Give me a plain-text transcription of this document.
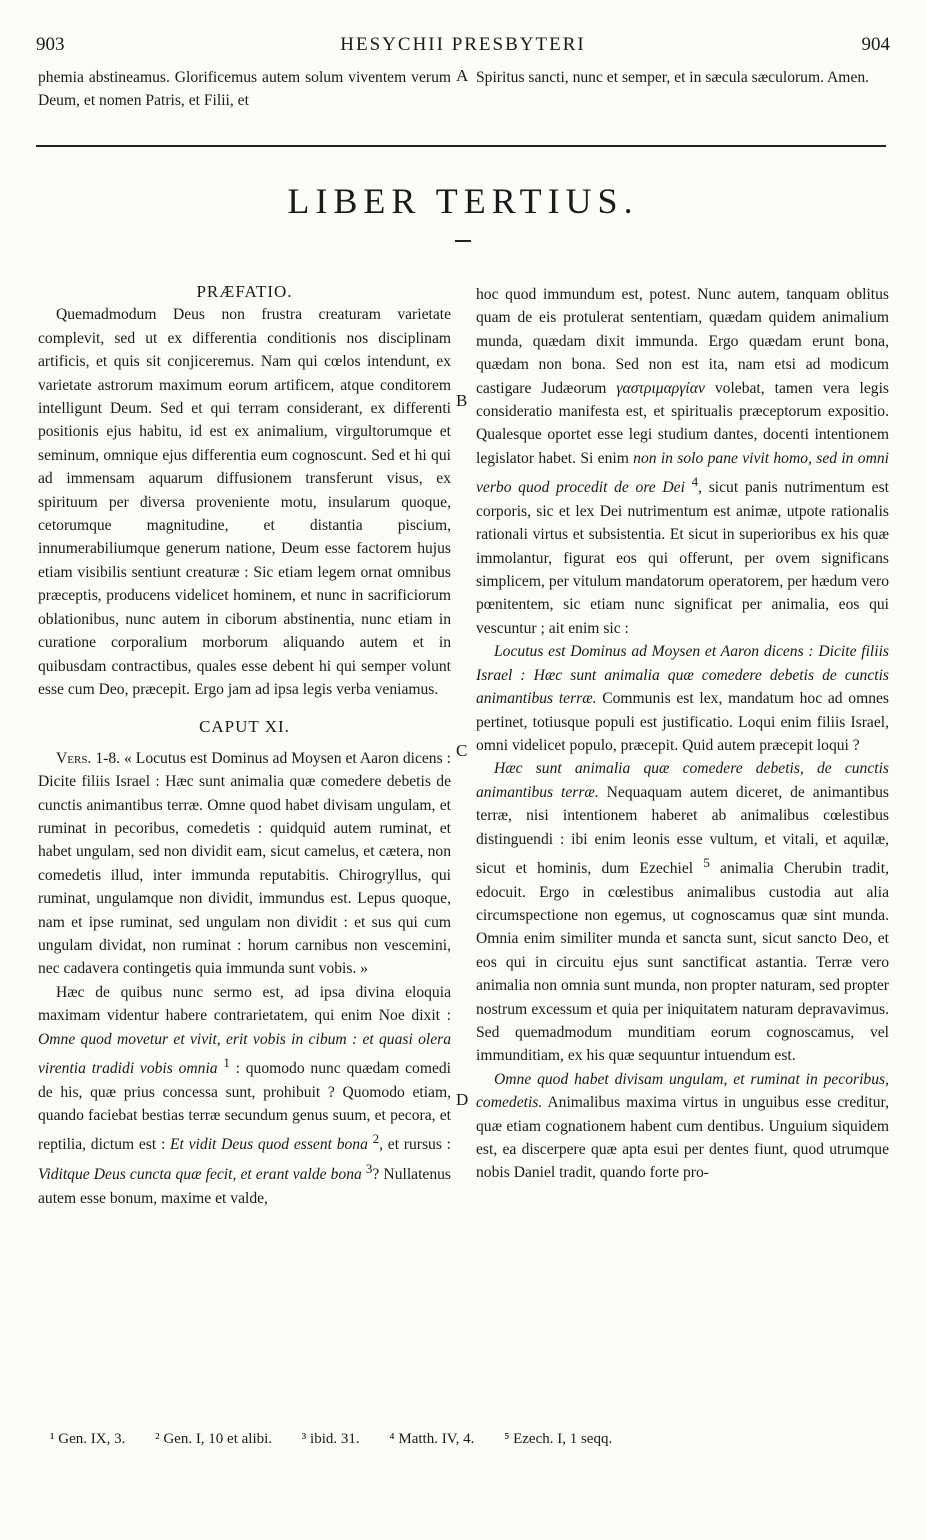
903	HESYCHII PRESBYTERI	904

phemia abstineamus. Glorificemus autem solum viventem verum Deum, et nomen Patris, et Filii, et

Spiritus sancti, nunc et semper, et in sæcula sæculorum. Amen.

A
LIBER TERTIUS.

PRÆFATIO.

Quemadmodum Deus non frustra creaturam varietate complevit, sed ut ex differentia conditionis nos disciplinam artificis, et quis sit conjiceremus. Nam qui cœlos intendunt, ex varietate astrorum maximum eorum artificem, atque conditorem intelligunt Deum. Sed et qui terram considerant, ex differenti positionis ejus habitu, id est ex animalium, virgultorumque et seminum, omnique ejus differentia eum cognoscunt. Sed et hi qui ad immensam aquarum diffusionem transferunt visus, ex spirituum per diversa proveniente motu, insularum quoque, cetorumque magnitudine, et distantia piscium, innumerabiliumque generum natione, Deum esse factorem hujus etiam visibilis sentiunt creaturæ : Sic etiam legem ornat omnibus præceptis, producens videlicet hominem, et nunc in sacrificiorum oblationibus, nunc autem in ciborum abstinentia, nunc etiam in curatione corporalium morborum aliquando autem et in quibusdam contractibus, quales esse debent hi qui semper volunt esse cum Deo, præcepit. Ergo jam ad ipsa legis verba veniamus.

CAPUT XI.

Vers. 1-8. « Locutus est Dominus ad Moysen et Aaron dicens : Dicite filiis Israel : Hæc sunt animalia quæ comedere debetis de cunctis animantibus terræ. Omne quod habet divisam ungulam, et ruminat in pecoribus, comedetis : quidquid autem ruminat, et habet ungulam, sed non dividit eam, sicut camelus, et cætera, non comedetis illud, inter immunda reputabitis. Chirogryllus, qui ruminat, ungulamque non dividit, immundus est. Lepus quoque, nam et ipse ruminat, sed ungulam non dividit : et sus qui cum ungulam dividat, non ruminat : horum carnibus non vescemini, nec cadavera contingetis quia immunda sunt vobis. »

Hæc de quibus nunc sermo est, ad ipsa divina eloquia maximam videntur habere contrarietatem, qui enim Noe dixit : Omne quod movetur et vivit, erit vobis in cibum : et quasi olera virentia tradidi vobis omnia $^1$ : quomodo nunc quædam comedi de his, quæ prius concessa sunt, prohibuit ? Quomodo etiam, quando faciebat bestias terræ secundum genus suum, et pecora, et reptilia, dictum est : Et vidit Deus quod essent bona $^2$, et rursus : Viditque Deus cuncta quæ fecit, et erant valde bona $^3$? Nullatenus autem esse bonum, maxime et valde,

hoc quod immundum est, potest. Nunc autem, tanquam oblitus quam de eis protulerat sententiam, quædam quidem animalium munda, quædam dixit immunda. Ergo quædam erunt bona, quædam non bona. Sed non est ita, nam etsi ad modicum castigare Judæorum γαστριμαργίαν volebat, tamen vera legis consideratio manifesta est, et spiritualis præceptorum expositio. Qualesque oportet esse legi studium dantes, docenti intentionem legislator habet. Si enim non in solo pane vivit homo, sed in omni verbo quod procedit de ore Dei $^4$, sicut panis nutrimentum est corporis, sic et lex Dei nutrimentum est animæ, utpote rationalis rationali virtus et subsistentia. Et sicut in superioribus ex his quæ immolantur, figurat eos qui offerunt, per ovem significans simplicem, per vitulum mandatorum operatorem, per hædum vero pœnitentem, sic etiam nunc significat per animalia, eos qui vescuntur ; ait enim sic :

Locutus est Dominus ad Moysen et Aaron dicens : Dicite filiis Israel : Hæc sunt animalia quæ comedere debetis de cunctis animantibus terræ. Communis est lex, mandatum hoc ad omnes pertinet, totiusque populi est justificatio. Loqui enim filiis Israel, omni videlicet populo, præcepit. Quid autem præcepit loqui ?

Hæc sunt animalia quæ comedere debetis, de cunctis animantibus terræ. Nequaquam autem diceret, de animantibus terræ, nisi intentionem haberet ab animalibus cœlestibus distinguendi : ibi enim leonis esse vultum, et vitali, et aquilæ, sicut et hominis, dum Ezechiel $^5$ animalia Cherubin tradit, edocuit. Ergo in cœlestibus animalibus custodia aut alia circumspectione non egemus, ut cognoscamus quæ sint munda. Omnia enim similiter munda et sancta sunt, sicut sancto Deo, et eos qui in circuitu ejus sunt sanctificat astantia. Terræ vero animalia non omnia sunt munda, non propter naturam, sed propter nostrum excessum et quia per iniquitatem naturam depravavimus. Sed quemadmodum munditiam eorum cognoscamus, vel immunditiam, ex his quæ sequuntur intuendum est.

Omne quod habet divisam ungulam, et ruminat in pecoribus, comedetis. Animalibus maxima virtus in unguibus esse creditur, quæ etiam cognationem habent cum dentibus. Unguium siquidem est, ea discerpere quæ apta esui per dentes fiunt, quod utrumque nobis Daniel tradit, quando forte pro-

B
C
D
¹ Gen. IX, 3. ² Gen. I, 10 et alibi. ³ ibid. 31. ⁴ Matth. IV, 4. ⁵ Ezech. I, 1 seqq.
